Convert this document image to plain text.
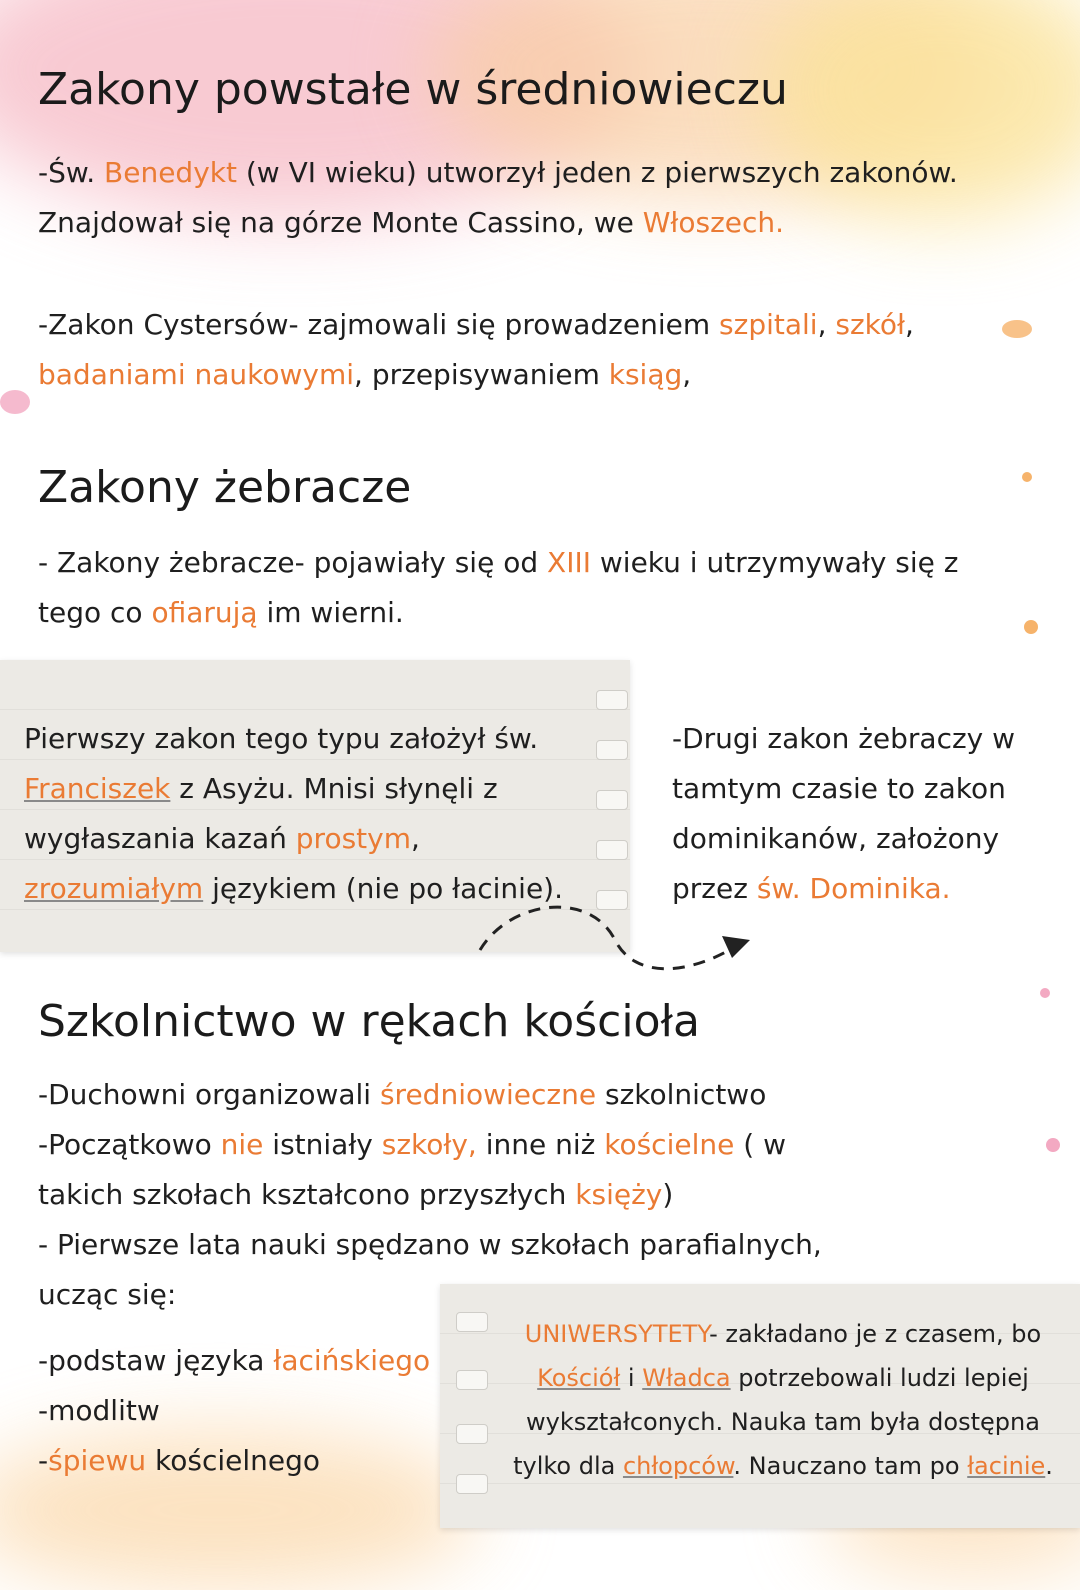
Zakony powstałe w średniowieczu

-Św. Benedykt (w VI wieku) utworzył jeden z pierwszych zakonów.
Znajdował się na górze Monte Cassino, we Włoszech.

-Zakon Cystersów- zajmowali się prowadzeniem szpitali, szkół,
badaniami naukowymi, przepisywaniem ksiąg,

Zakony żebracze

- Zakony żebracze- pojawiały się od XIII wieku i utrzymywały się z
tego co ofiarują im wierni.

Pierwszy zakon tego typu założył św.
Franciszek z Asyżu. Mnisi słynęli z
wygłaszania kazań prostym,
zrozumiałym językiem (nie po łacinie).

-Drugi zakon żebraczy w
tamtym czasie to zakon
dominikanów, założony
przez św. Dominika.

Szkolnictwo w rękach kościoła

-Duchowni organizowali średniowieczne szkolnictwo
-Początkowo nie istniały szkoły, inne niż kościelne ( w
takich szkołach kształcono przyszłych księży)
- Pierwsze lata nauki spędzano w szkołach parafialnych,
ucząc się:

-podstaw języka łacińskiego
-modlitw
-śpiewu kościelnego

UNIWERSYTETY- zakładano je z czasem, bo
Kościół i Władca potrzebowali ludzi lepiej
wykształconych. Nauka tam była dostępna
tylko dla chłopców. Nauczano tam po łacinie.
